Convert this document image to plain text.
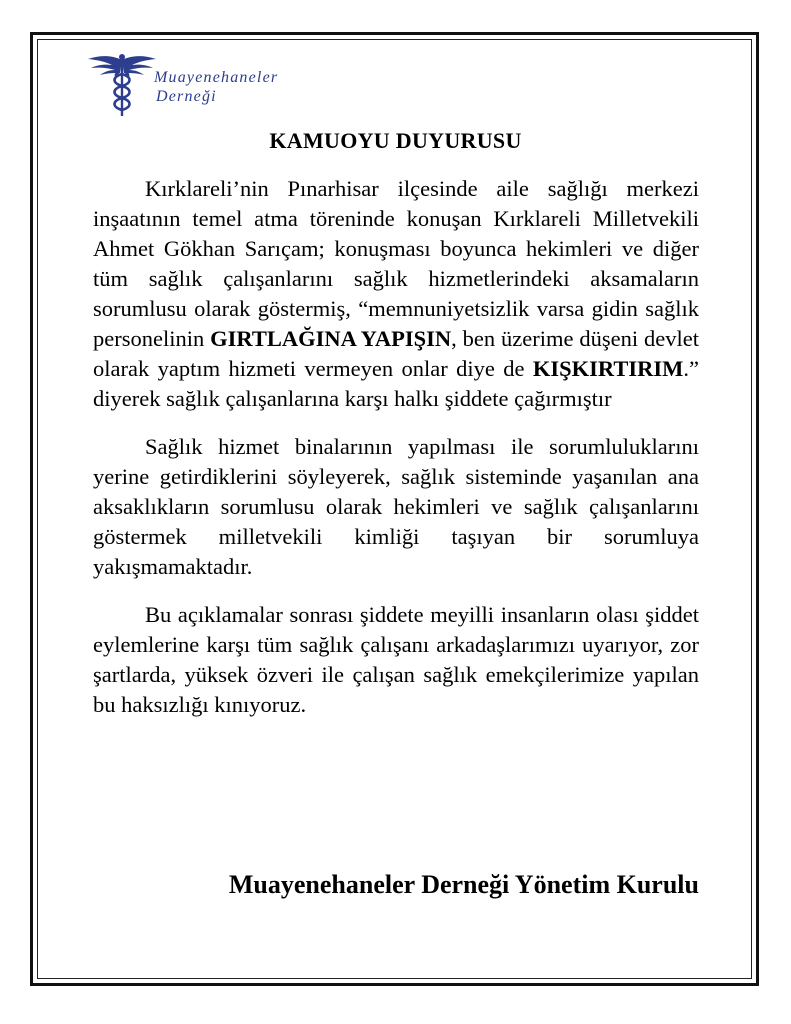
Muayenehaneler
Derneği
KAMUOYU DUYURUSU

Kırklareli’nin Pınarhisar ilçesinde aile sağlığı merkezi inşaatının temel atma töreninde konuşan Kırklareli Milletvekili Ahmet Gökhan Sarıçam; konuşması boyunca hekimleri ve diğer tüm sağlık çalışanlarını sağlık hizmetlerindeki aksamaların sorumlusu olarak göstermiş, “memnuniyetsizlik varsa gidin sağlık personelinin GIRTLAĞINA YAPIŞIN, ben üzerime düşeni devlet olarak yaptım hizmeti vermeyen onlar diye de KIŞKIRTIRIM.” diyerek sağlık çalışanlarına karşı halkı şiddete çağırmıştır

Sağlık hizmet binalarının yapılması ile sorumluluklarını yerine getirdiklerini söyleyerek, sağlık sisteminde yaşanılan ana aksaklıkların sorumlusu olarak hekimleri ve sağlık çalışanlarını göstermek milletvekili kimliği taşıyan bir sorumluya yakışmamaktadır.

Bu açıklamalar sonrası şiddete meyilli insanların olası şiddet eylemlerine karşı tüm sağlık çalışanı arkadaşlarımızı uyarıyor, zor şartlarda, yüksek özveri ile çalışan sağlık emekçilerimize yapılan bu haksızlığı kınıyoruz.

Muayenehaneler Derneği Yönetim Kurulu
